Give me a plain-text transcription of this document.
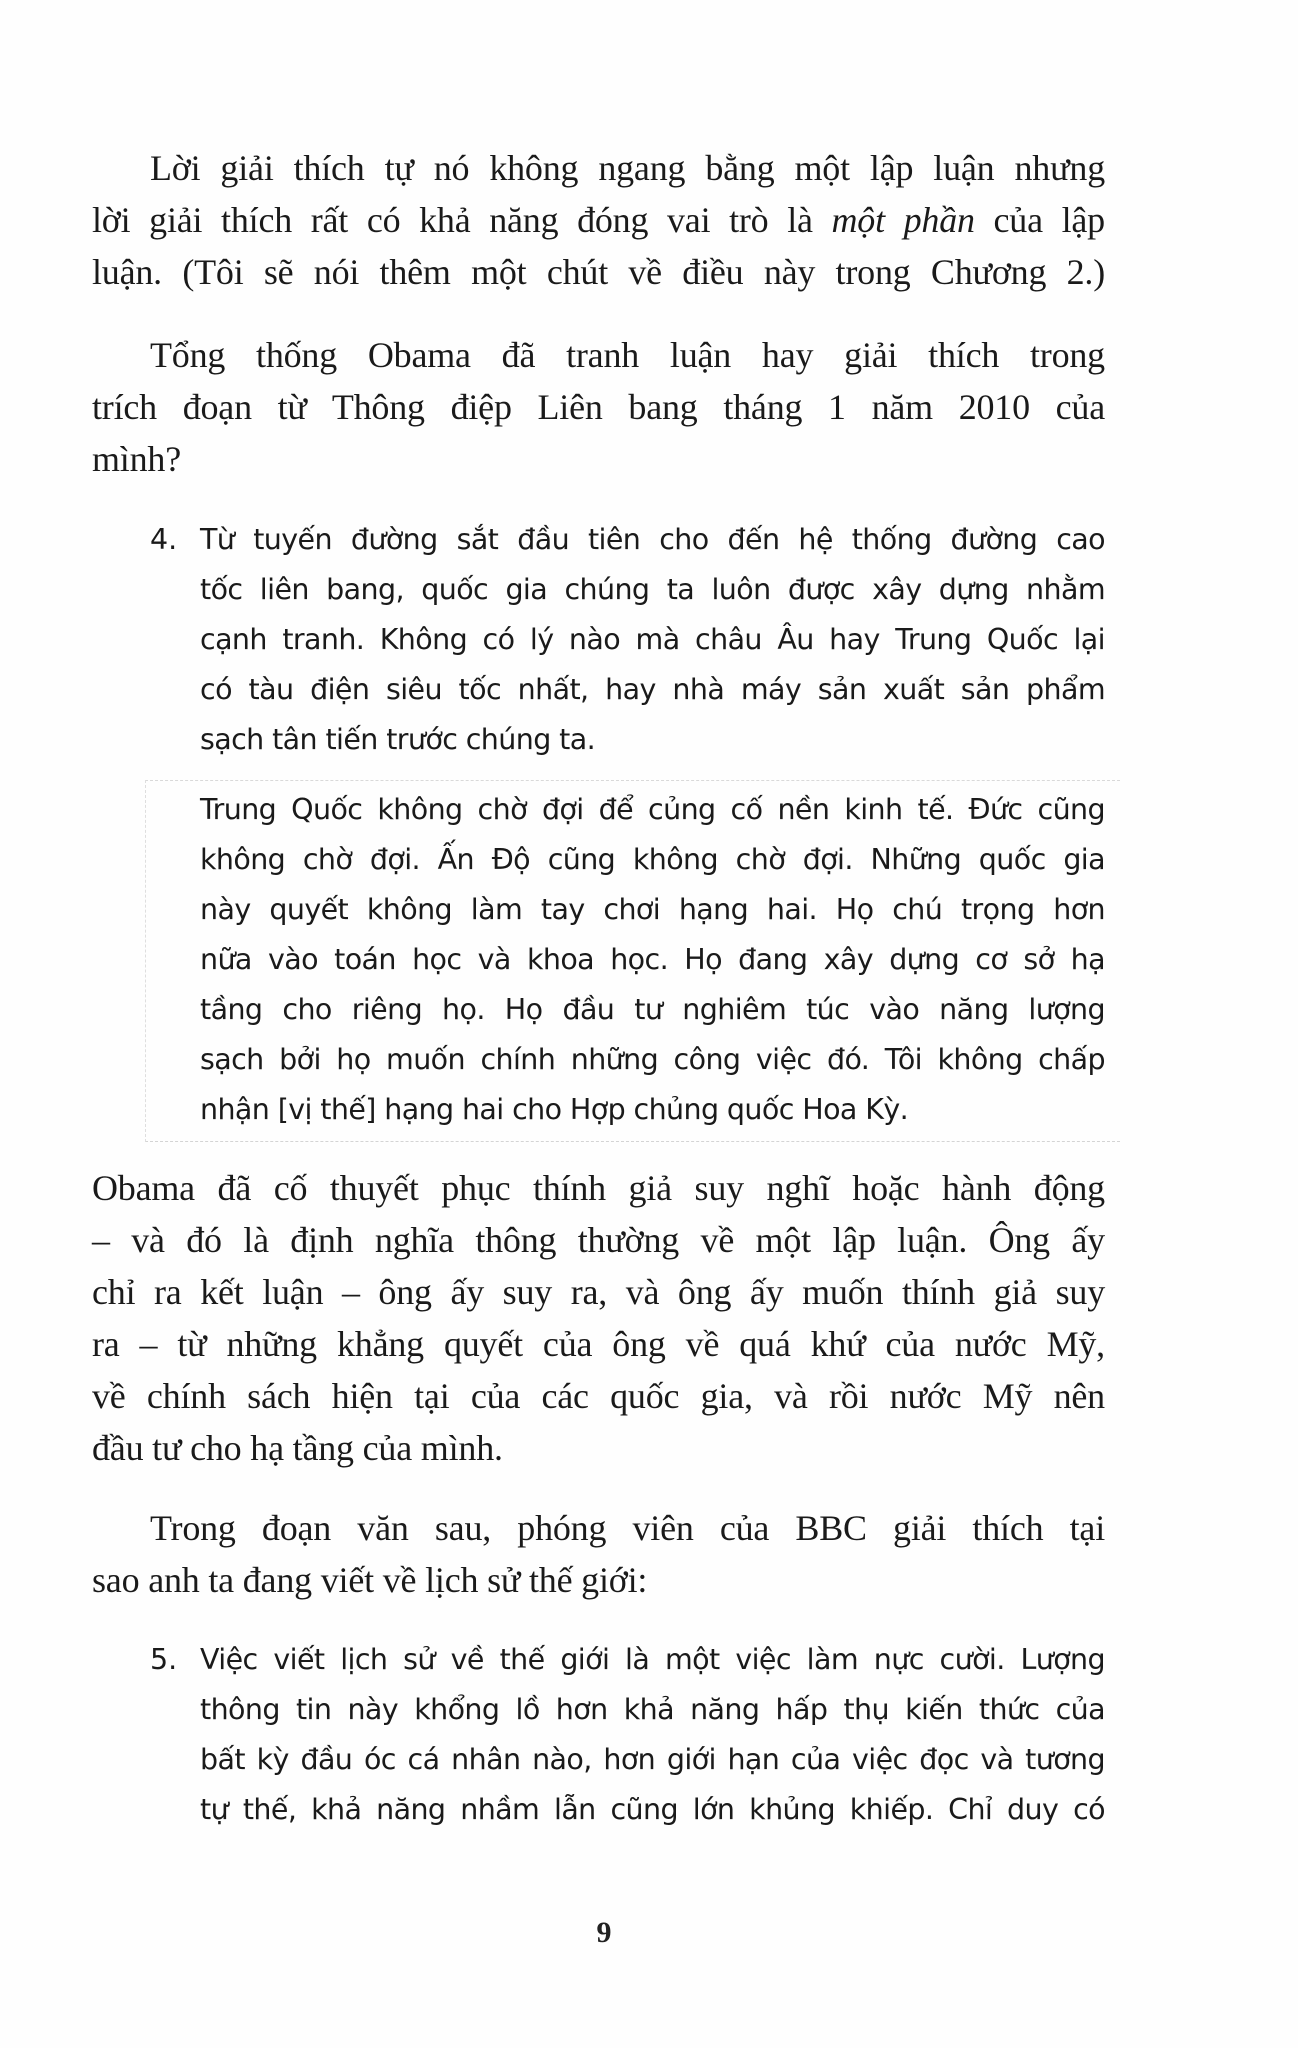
Lời giải thích tự nó không ngang bằng một lập luận nhưng
lời giải thích rất có khả năng đóng vai trò là một phần của lập
luận. (Tôi sẽ nói thêm một chút về điều này trong Chương 2.)
Tổng thống Obama đã tranh luận hay giải thích trong
trích đoạn từ Thông điệp Liên bang tháng 1 năm 2010 của
mình?
4. Từ tuyến đường sắt đầu tiên cho đến hệ thống đường cao
tốc liên bang, quốc gia chúng ta luôn được xây dựng nhằm
cạnh tranh. Không có lý nào mà châu Âu hay Trung Quốc lại
có tàu điện siêu tốc nhất, hay nhà máy sản xuất sản phẩm
sạch tân tiến trước chúng ta.
Trung Quốc không chờ đợi để củng cố nền kinh tế. Đức cũng
không chờ đợi. Ấn Độ cũng không chờ đợi. Những quốc gia
này quyết không làm tay chơi hạng hai. Họ chú trọng hơn
nữa vào toán học và khoa học. Họ đang xây dựng cơ sở hạ
tầng cho riêng họ. Họ đầu tư nghiêm túc vào năng lượng
sạch bởi họ muốn chính những công việc đó. Tôi không chấp
nhận [vị thế] hạng hai cho Hợp chủng quốc Hoa Kỳ.
Obama đã cố thuyết phục thính giả suy nghĩ hoặc hành động
– và đó là định nghĩa thông thường về một lập luận. Ông ấy
chỉ ra kết luận – ông ấy suy ra, và ông ấy muốn thính giả suy
ra – từ những khẳng quyết của ông về quá khứ của nước Mỹ,
về chính sách hiện tại của các quốc gia, và rồi nước Mỹ nên
đầu tư cho hạ tầng của mình.
Trong đoạn văn sau, phóng viên của BBC giải thích tại
sao anh ta đang viết về lịch sử thế giới:
5. Việc viết lịch sử về thế giới là một việc làm nực cười. Lượng
thông tin này khổng lồ hơn khả năng hấp thụ kiến thức của
bất kỳ đầu óc cá nhân nào, hơn giới hạn của việc đọc và tương
tự thế, khả năng nhầm lẫn cũng lớn khủng khiếp. Chỉ duy có
9
